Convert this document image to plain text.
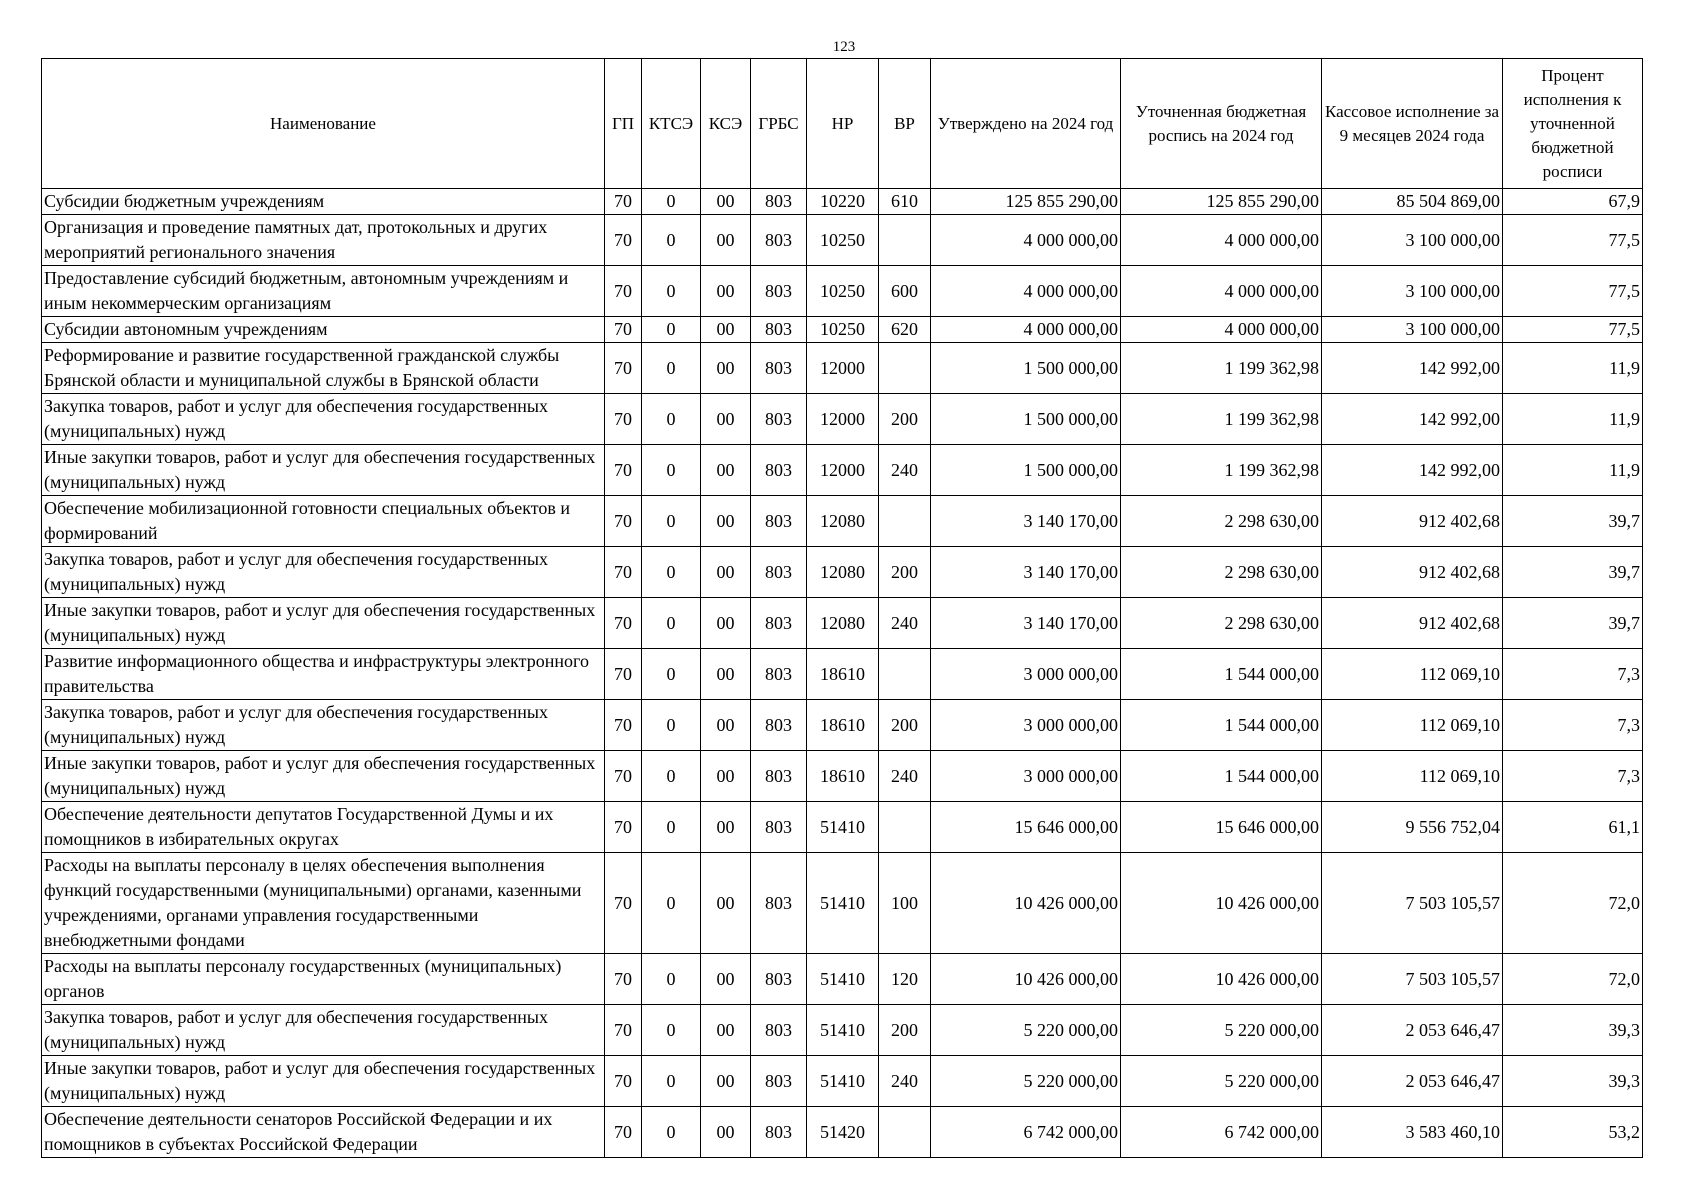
123
Наименование	ГП	КТСЭ	КСЭ	ГРБС	НР	ВР	Утверждено на 2024 год	Уточненная бюджетная роспись на 2024 год	Кассовое исполнение за 9 месяцев 2024 года	Процент исполнения к уточненной бюджетной росписи
Субсидии бюджетным учреждениям	70	0	00	803	10220	610	125 855 290,00	125 855 290,00	85 504 869,00	67,9
Организация и проведение памятных дат, протокольных и других мероприятий регионального значения	70	0	00	803	10250		4 000 000,00	4 000 000,00	3 100 000,00	77,5
Предоставление субсидий бюджетным, автономным учреждениям и иным некоммерческим организациям	70	0	00	803	10250	600	4 000 000,00	4 000 000,00	3 100 000,00	77,5
Субсидии автономным учреждениям	70	0	00	803	10250	620	4 000 000,00	4 000 000,00	3 100 000,00	77,5
Реформирование и развитие государственной гражданской службы Брянской области и муниципальной службы в Брянской области	70	0	00	803	12000		1 500 000,00	1 199 362,98	142 992,00	11,9
Закупка товаров, работ и услуг для обеспечения государственных (муниципальных) нужд	70	0	00	803	12000	200	1 500 000,00	1 199 362,98	142 992,00	11,9
Иные закупки товаров, работ и услуг для обеспечения государственных (муниципальных) нужд	70	0	00	803	12000	240	1 500 000,00	1 199 362,98	142 992,00	11,9
Обеспечение мобилизационной готовности специальных объектов и формирований	70	0	00	803	12080		3 140 170,00	2 298 630,00	912 402,68	39,7
Закупка товаров, работ и услуг для обеспечения государственных (муниципальных) нужд	70	0	00	803	12080	200	3 140 170,00	2 298 630,00	912 402,68	39,7
Иные закупки товаров, работ и услуг для обеспечения государственных (муниципальных) нужд	70	0	00	803	12080	240	3 140 170,00	2 298 630,00	912 402,68	39,7
Развитие информационного общества и инфраструктуры электронного правительства	70	0	00	803	18610		3 000 000,00	1 544 000,00	112 069,10	7,3
Закупка товаров, работ и услуг для обеспечения государственных (муниципальных) нужд	70	0	00	803	18610	200	3 000 000,00	1 544 000,00	112 069,10	7,3
Иные закупки товаров, работ и услуг для обеспечения государственных (муниципальных) нужд	70	0	00	803	18610	240	3 000 000,00	1 544 000,00	112 069,10	7,3
Обеспечение деятельности депутатов Государственной Думы и их помощников в избирательных округах	70	0	00	803	51410		15 646 000,00	15 646 000,00	9 556 752,04	61,1
Расходы на выплаты персоналу в целях обеспечения выполнения функций государственными (муниципальными) органами, казенными учреждениями, органами управления государственными внебюджетными фондами	70	0	00	803	51410	100	10 426 000,00	10 426 000,00	7 503 105,57	72,0
Расходы на выплаты персоналу государственных (муниципальных) органов	70	0	00	803	51410	120	10 426 000,00	10 426 000,00	7 503 105,57	72,0
Закупка товаров, работ и услуг для обеспечения государственных (муниципальных) нужд	70	0	00	803	51410	200	5 220 000,00	5 220 000,00	2 053 646,47	39,3
Иные закупки товаров, работ и услуг для обеспечения государственных (муниципальных) нужд	70	0	00	803	51410	240	5 220 000,00	5 220 000,00	2 053 646,47	39,3
Обеспечение деятельности сенаторов Российской Федерации и их помощников в субъектах Российской Федерации	70	0	00	803	51420		6 742 000,00	6 742 000,00	3 583 460,10	53,2
